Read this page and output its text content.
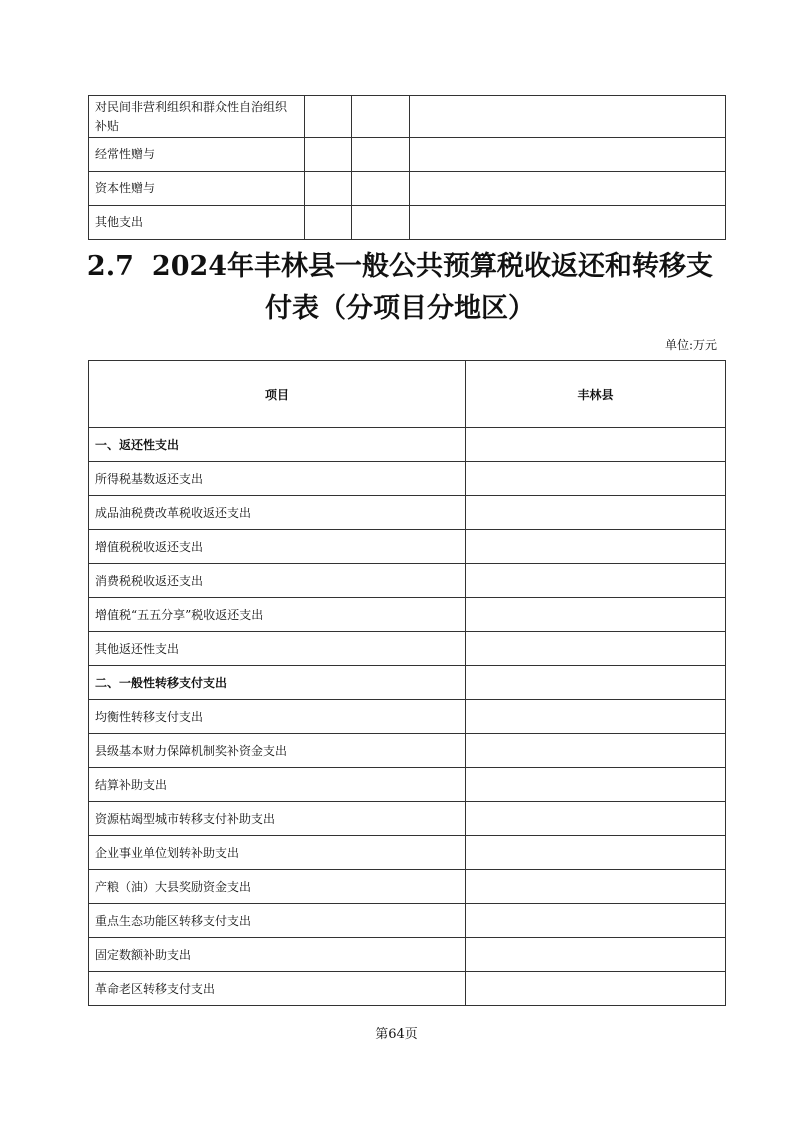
对民间非营利组织和群众性自治组织补贴			
经常性赠与			
资本性赠与			
其他支出			
2.7 2024年丰林县一般公共预算税收返还和转移支
付表（分项目分地区）
单位:万元
项目	丰林县
一、返还性支出	
所得税基数返还支出	
成品油税费改革税收返还支出	
增值税税收返还支出	
消费税税收返还支出	
增值税“五五分享”税收返还支出	
其他返还性支出	
二、一般性转移支付支出	
均衡性转移支付支出	
县级基本财力保障机制奖补资金支出	
结算补助支出	
资源枯竭型城市转移支付补助支出	
企业事业单位划转补助支出	
产粮（油）大县奖励资金支出	
重点生态功能区转移支付支出	
固定数额补助支出	
革命老区转移支付支出	
第64页
